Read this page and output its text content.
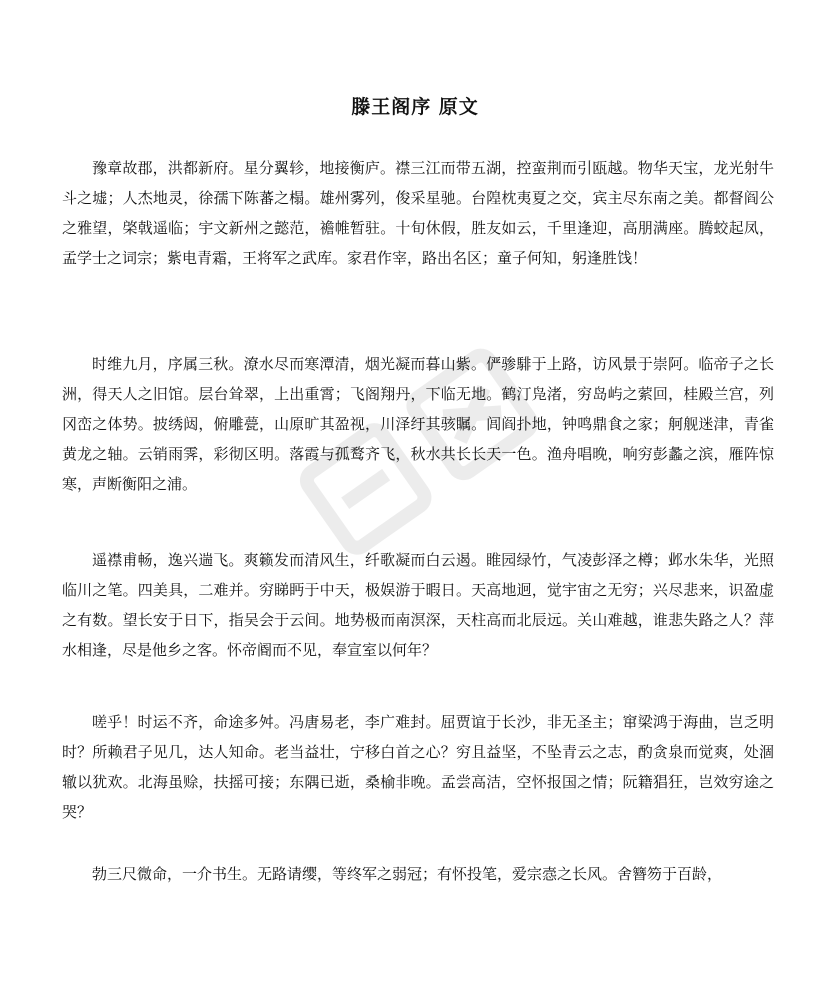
滕王阁序 原文

豫章故郡，洪都新府。星分翼轸，地接衡庐。襟三江而带五湖，控蛮荆而引瓯越。物华天宝，龙光射牛斗之墟；人杰地灵，徐孺下陈蕃之榻。雄州雾列，俊采星驰。台隍枕夷夏之交，宾主尽东南之美。都督阎公之雅望，棨戟遥临；宇文新州之懿范，襜帷暂驻。十旬休假，胜友如云，千里逢迎，高朋满座。腾蛟起凤，孟学士之词宗；紫电青霜，王将军之武库。家君作宰，路出名区；童子何知，躬逢胜饯！

时维九月，序属三秋。潦水尽而寒潭清，烟光凝而暮山紫。俨骖騑于上路，访风景于崇阿。临帝子之长洲，得天人之旧馆。层台耸翠，上出重霄；飞阁翔丹，下临无地。鹤汀凫渚，穷岛屿之萦回，桂殿兰宫，列冈峦之体势。披绣闼，俯雕甍，山原旷其盈视，川泽纡其骇瞩。闾阎扑地，钟鸣鼎食之家；舸舰迷津，青雀黄龙之轴。云销雨霁，彩彻区明。落霞与孤鹜齐飞，秋水共长长天一色。渔舟唱晚，响穷彭蠡之滨，雁阵惊寒，声断衡阳之浦。

遥襟甫畅，逸兴遄飞。爽籁发而清风生，纤歌凝而白云遏。睢园绿竹，气凌彭泽之樽；邺水朱华，光照临川之笔。四美具，二难并。穷睇眄于中天，极娱游于暇日。天高地迥，觉宇宙之无穷；兴尽悲来，识盈虚之有数。望长安于日下，指吴会于云间。地势极而南溟深，天柱高而北辰远。关山难越，谁悲失路之人？萍水相逢，尽是他乡之客。怀帝阍而不见，奉宣室以何年？

嗟乎！时运不齐，命途多舛。冯唐易老，李广难封。屈贾谊于长沙，非无圣主；窜梁鸿于海曲，岂乏明时？所赖君子见几，达人知命。老当益壮，宁移白首之心？穷且益坚，不坠青云之志，酌贪泉而觉爽，处涸辙以犹欢。北海虽赊，扶摇可接；东隅已逝，桑榆非晚。孟尝高洁，空怀报国之情；阮籍猖狂，岂效穷途之哭？

勃三尺微命，一介书生。无路请缨，等终军之弱冠；有怀投笔，爱宗悫之长风。舍簪笏于百龄，
